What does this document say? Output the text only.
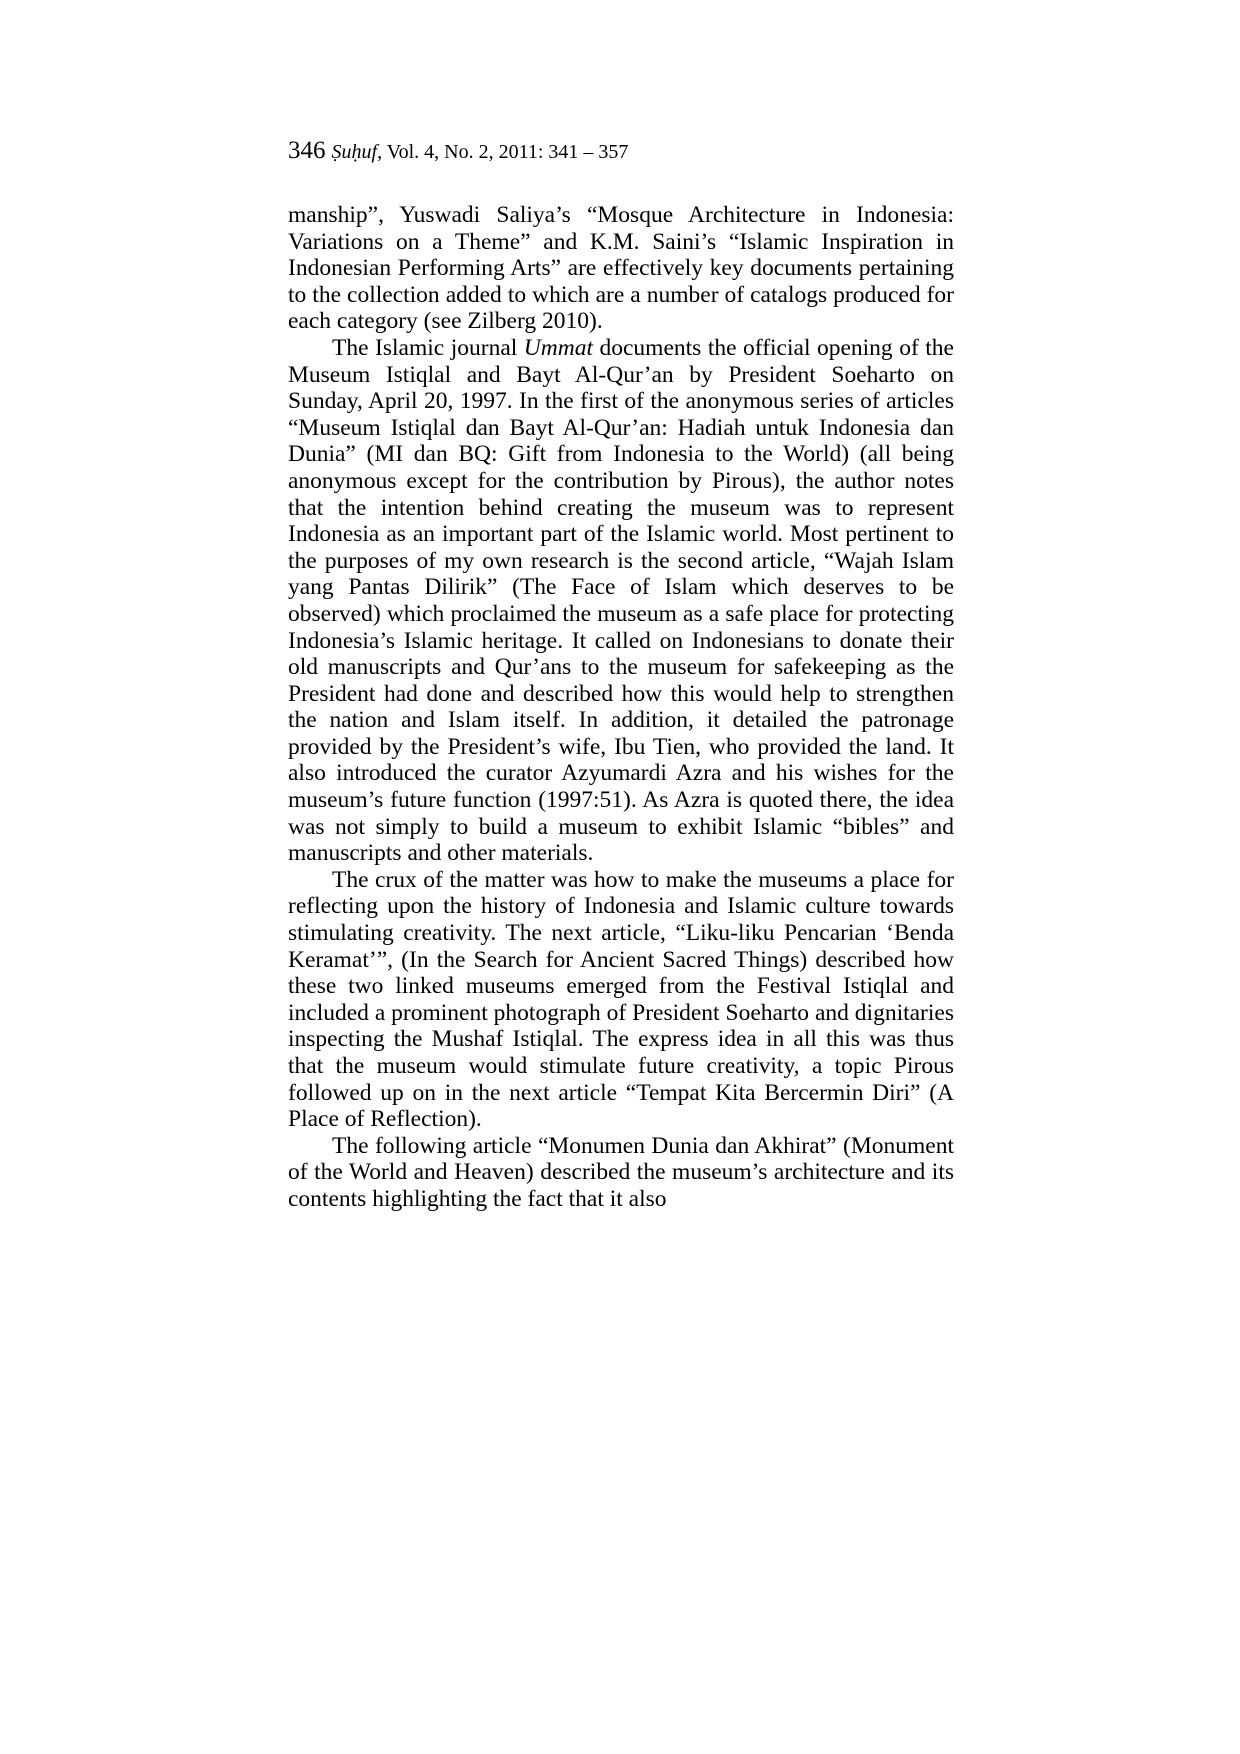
346 Ṣuḥuf, Vol. 4, No. 2, 2011: 341 – 357

manship”, Yuswadi Saliya’s “Mosque Architecture in Indonesia: Variations on a Theme” and K.M. Saini’s “Islamic Inspiration in Indonesian Performing Arts” are effectively key documents pertaining to the collection added to which are a number of catalogs produced for each category (see Zilberg 2010).

The Islamic journal Ummat documents the official opening of the Museum Istiqlal and Bayt Al-Qur’an by President Soeharto on Sunday, April 20, 1997. In the first of the anonymous series of articles “Museum Istiqlal dan Bayt Al-Qur’an: Hadiah untuk Indonesia dan Dunia” (MI dan BQ: Gift from Indonesia to the World) (all being anonymous except for the contribution by Pirous), the author notes that the intention behind creating the museum was to represent Indonesia as an important part of the Islamic world. Most pertinent to the purposes of my own research is the second article, “Wajah Islam yang Pantas Dilirik” (The Face of Islam which deserves to be observed) which proclaimed the museum as a safe place for protecting Indonesia’s Islamic heritage. It called on Indonesians to donate their old manuscripts and Qur’ans to the museum for safekeeping as the President had done and described how this would help to strengthen the nation and Islam itself. In addition, it detailed the patronage provided by the President’s wife, Ibu Tien, who provided the land. It also introduced the curator Azyumardi Azra and his wishes for the museum’s future function (1997:51). As Azra is quoted there, the idea was not simply to build a museum to exhibit Islamic “bibles” and manuscripts and other materials.

The crux of the matter was how to make the museums a place for reflecting upon the history of Indonesia and Islamic culture towards stimulating creativity. The next article, “Liku-liku Pencarian ‘Benda Keramat’”, (In the Search for Ancient Sacred Things) described how these two linked museums emerged from the Festival Istiqlal and included a prominent photograph of President Soeharto and dignitaries inspecting the Mushaf Istiqlal. The express idea in all this was thus that the museum would stimulate future creativity, a topic Pirous followed up on in the next article “Tempat Kita Bercermin Diri” (A Place of Reflection).

The following article “Monumen Dunia dan Akhirat” (Monument of the World and Heaven) described the museum’s architecture and its contents highlighting the fact that it also
